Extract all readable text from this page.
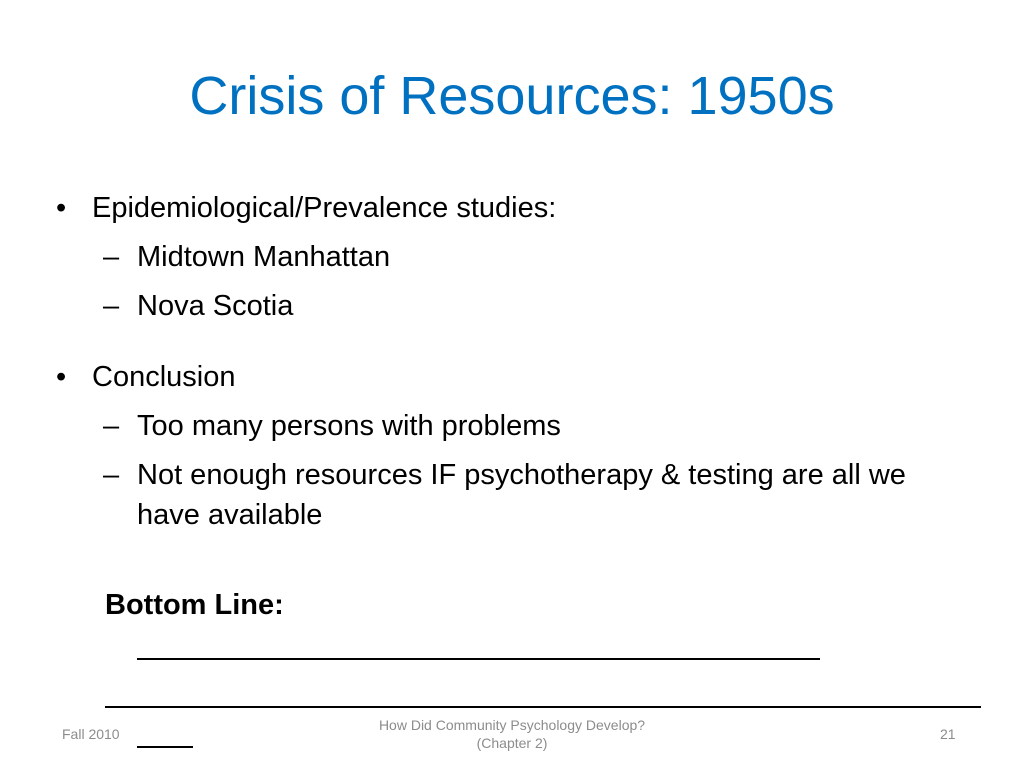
Crisis of Resources: 1950s
• Epidemiological/Prevalence studies:
– Midtown Manhattan
– Nova Scotia
• Conclusion
– Too many persons with problems
– Not enough resources IF psychotherapy & testing are all we have available
Bottom Line:
Fall 2010
How Did Community Psychology Develop? (Chapter 2)
21
